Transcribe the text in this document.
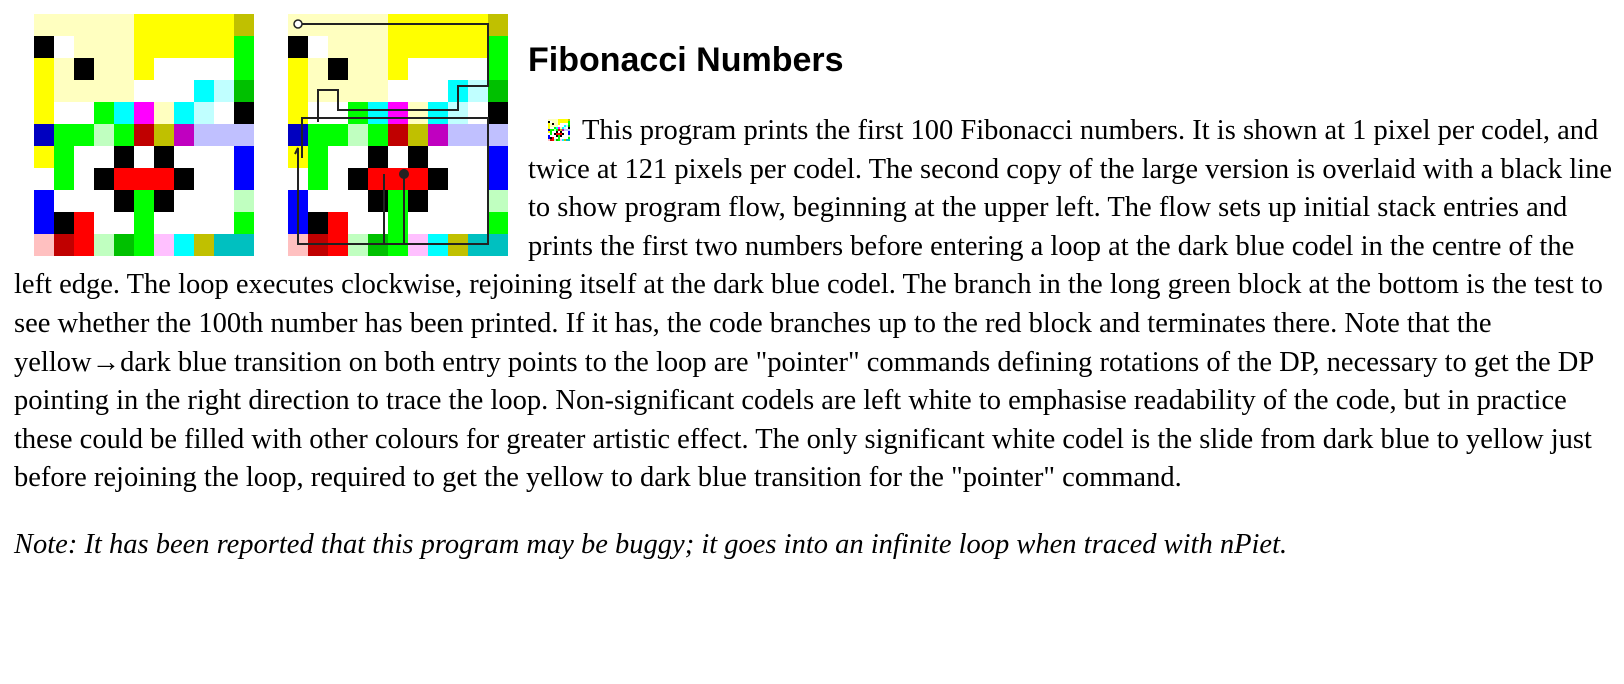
Fibonacci Numbers

This program prints the first 100 Fibonacci numbers. It is shown at 1 pixel per codel, and twice at 121 pixels per codel. The second copy of the large version is overlaid with a black line to show program flow, beginning at the upper left. The flow sets up initial stack entries and prints the first two numbers before entering a loop at the dark blue codel in the centre of the left edge. The loop executes clockwise, rejoining itself at the dark blue codel. The branch in the long green block at the bottom is the test to see whether the 100th number has been printed. If it has, the code branches up to the red block and terminates there. Note that the yellow→dark blue transition on both entry points to the loop are "pointer" commands defining rotations of the DP, necessary to get the DP pointing in the right direction to trace the loop. Non-significant codels are left white to emphasise readability of the code, but in practice these could be filled with other colours for greater artistic effect. The only significant white codel is the slide from dark blue to yellow just before rejoining the loop, required to get the yellow to dark blue transition for the "pointer" command.

Note: It has been reported that this program may be buggy; it goes into an infinite loop when traced with nPiet.
